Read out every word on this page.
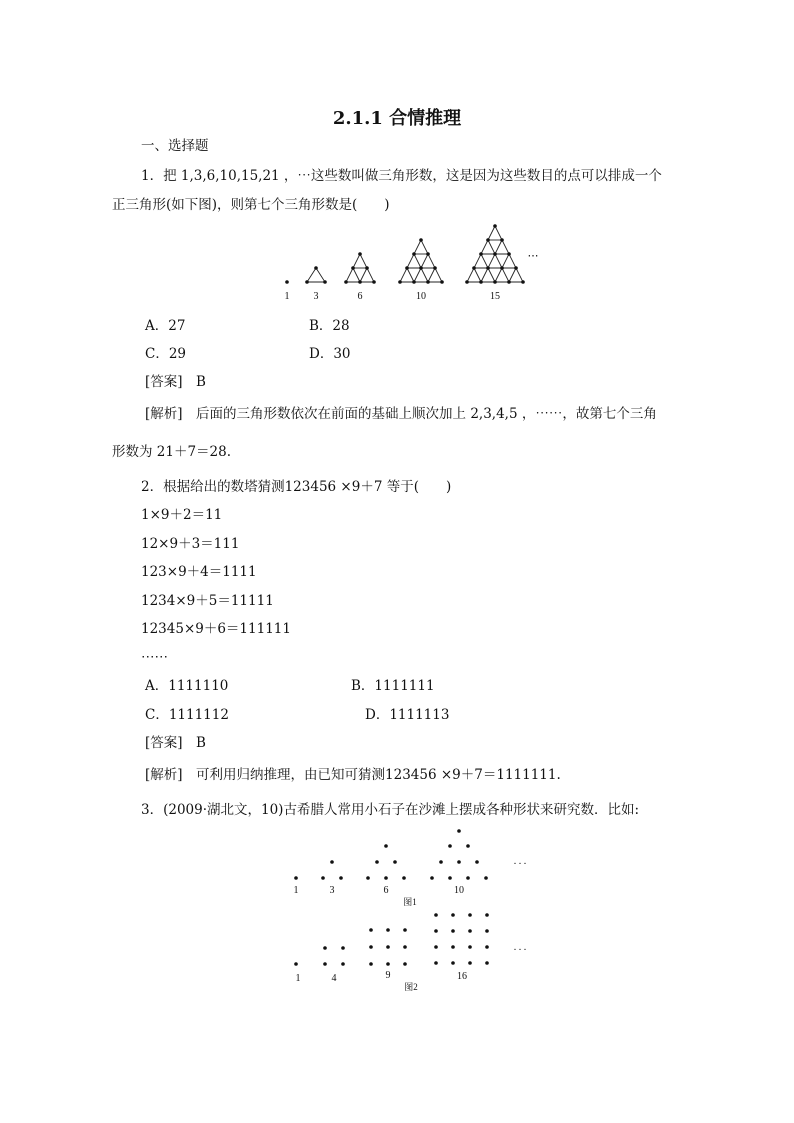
2.1.1 合情推理
一、选择题
1．把 1,3,6,10,15,21 ，⋯这些数叫做三角形数，这是因为这些数目的点可以排成一个
正三角形(如下图)，则第七个三角形数是(　　)
1 3	6	10	15
⋯
A．27	B．28
C．29	D．30
[答案]　B
[解析]　后面的三角形数依次在前面的基础上顺次加上 2,3,4,5 ，⋯⋯，故第七个三角
形数为 21＋7＝28.
2．根据给出的数塔猜测123456 ×9＋7 等于(　　)
1×9＋2＝11
12×9＋3＝111
123×9＋4＝1111
1234×9＋5＝11111
12345×9＋6＝111111
⋯⋯
A．1111110	B．1111111
C．1111112	D．1111113
[答案]　B
[解析]　可利用归纳推理，由已知可猜测123456 ×9＋7＝1111111.
3．(2009·湖北文，10)古希腊人常用小石子在沙滩上摆成各种形状来研究数．比如:
1	3	6	10
图1
. . .
1	4	9	16
图2
. . .
